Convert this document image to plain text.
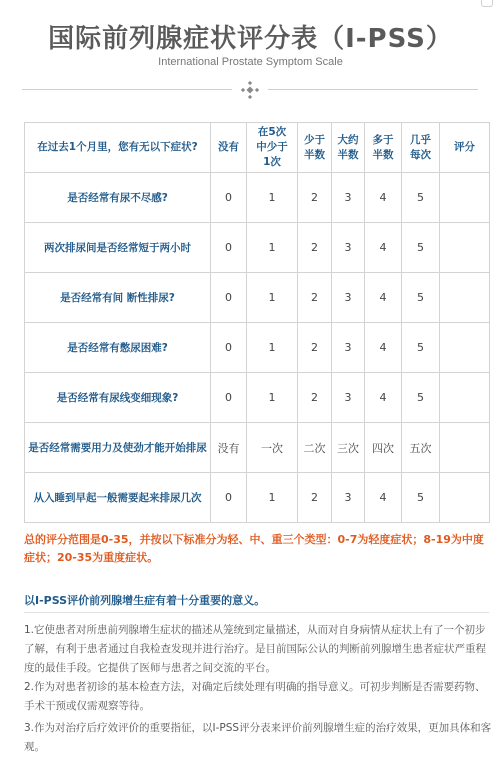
国际前列腺症状评分表（I-PSS）
International Prostate Symptom Scale
在过去1个月里，您有无以下症状?	没有	在5次中少于1次	少于半数	大约半数	多于半数	几乎每次	评分
是否经常有尿不尽感?	0	1	2	3	4	5	
两次排尿间是否经常短于两小时	0	1	2	3	4	5	
是否经常有间 断性排尿?	0	1	2	3	4	5	
是否经常有憋尿困难?	0	1	2	3	4	5	
是否经常有尿线变细现象?	0	1	2	3	4	5	
是否经常需要用力及使劲才能开始排尿	没有	一次	二次	三次	四次	五次	
从入睡到早起一般需要起来排尿几次	0	1	2	3	4	5	
总的评分范围是0-35，并按以下标准分为轻、中、重三个类型：0-7为轻度症状；8-19为中度症状；20-35为重度症状。
以I-PSS评价前列腺增生症有着十分重要的意义。
1.它使患者对所患前列腺增生症状的描述从笼统到定量描述，从而对自身病情从症状上有了一个初步了解，有利于患者通过自我检查发现并进行治疗。是目前国际公认的判断前列腺增生患者症状严重程度的最佳手段。它提供了医师与患者之间交流的平台。
2.作为对患者初诊的基本检查方法，对确定后续处理有明确的指导意义。可初步判断是否需要药物、手术干预或仅需观察等待。
3.作为对治疗后疗效评价的重要指征，以I-PSS评分表来评价前列腺增生症的治疗效果，更加具体和客观。
